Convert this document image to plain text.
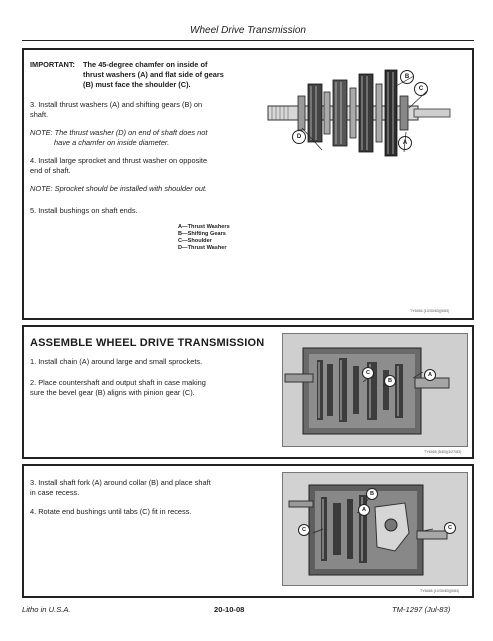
Wheel Drive Transmission
IMPORTANT: The 45-degree chamfer on inside of
thrust washers (A) and flat side of gears
(B) must face the shoulder (C).
3. Install thrust washers (A) and shifting gears (B) on
shaft.
NOTE: The thrust washer (D) on end of shaft does not
have a chamfer on inside diameter.
4. Install large sprocket and thrust washer on opposite
end of shaft.
NOTE: Sprocket should be installed with shoulder out.
5. Install bushings on shaft ends.
A—Thrust Washers
B—Shifting Gears
C—Shoulder
D—Thrust Washer
B
C
D
A
TY6464 (10/30/83)(5/83)
ASSEMBLE WHEEL DRIVE TRANSMISSION
1. Install chain (A) around large and small sprockets.
2. Place countershaft and output shaft in case making
sure the bevel gear (B) aligns with pinion gear (C).
C
B
A
TY6465 (5/83)(3/27/83)
3. Install shaft fork (A) around collar (B) and place shaft
in case recess.
4. Rotate end bushings until tabs (C) fit in recess.
B
A
C	C
TY6466 (10/30/83)(5/83)
Litho in U.S.A.	20-10-08	TM-1297 (Jul-83)
